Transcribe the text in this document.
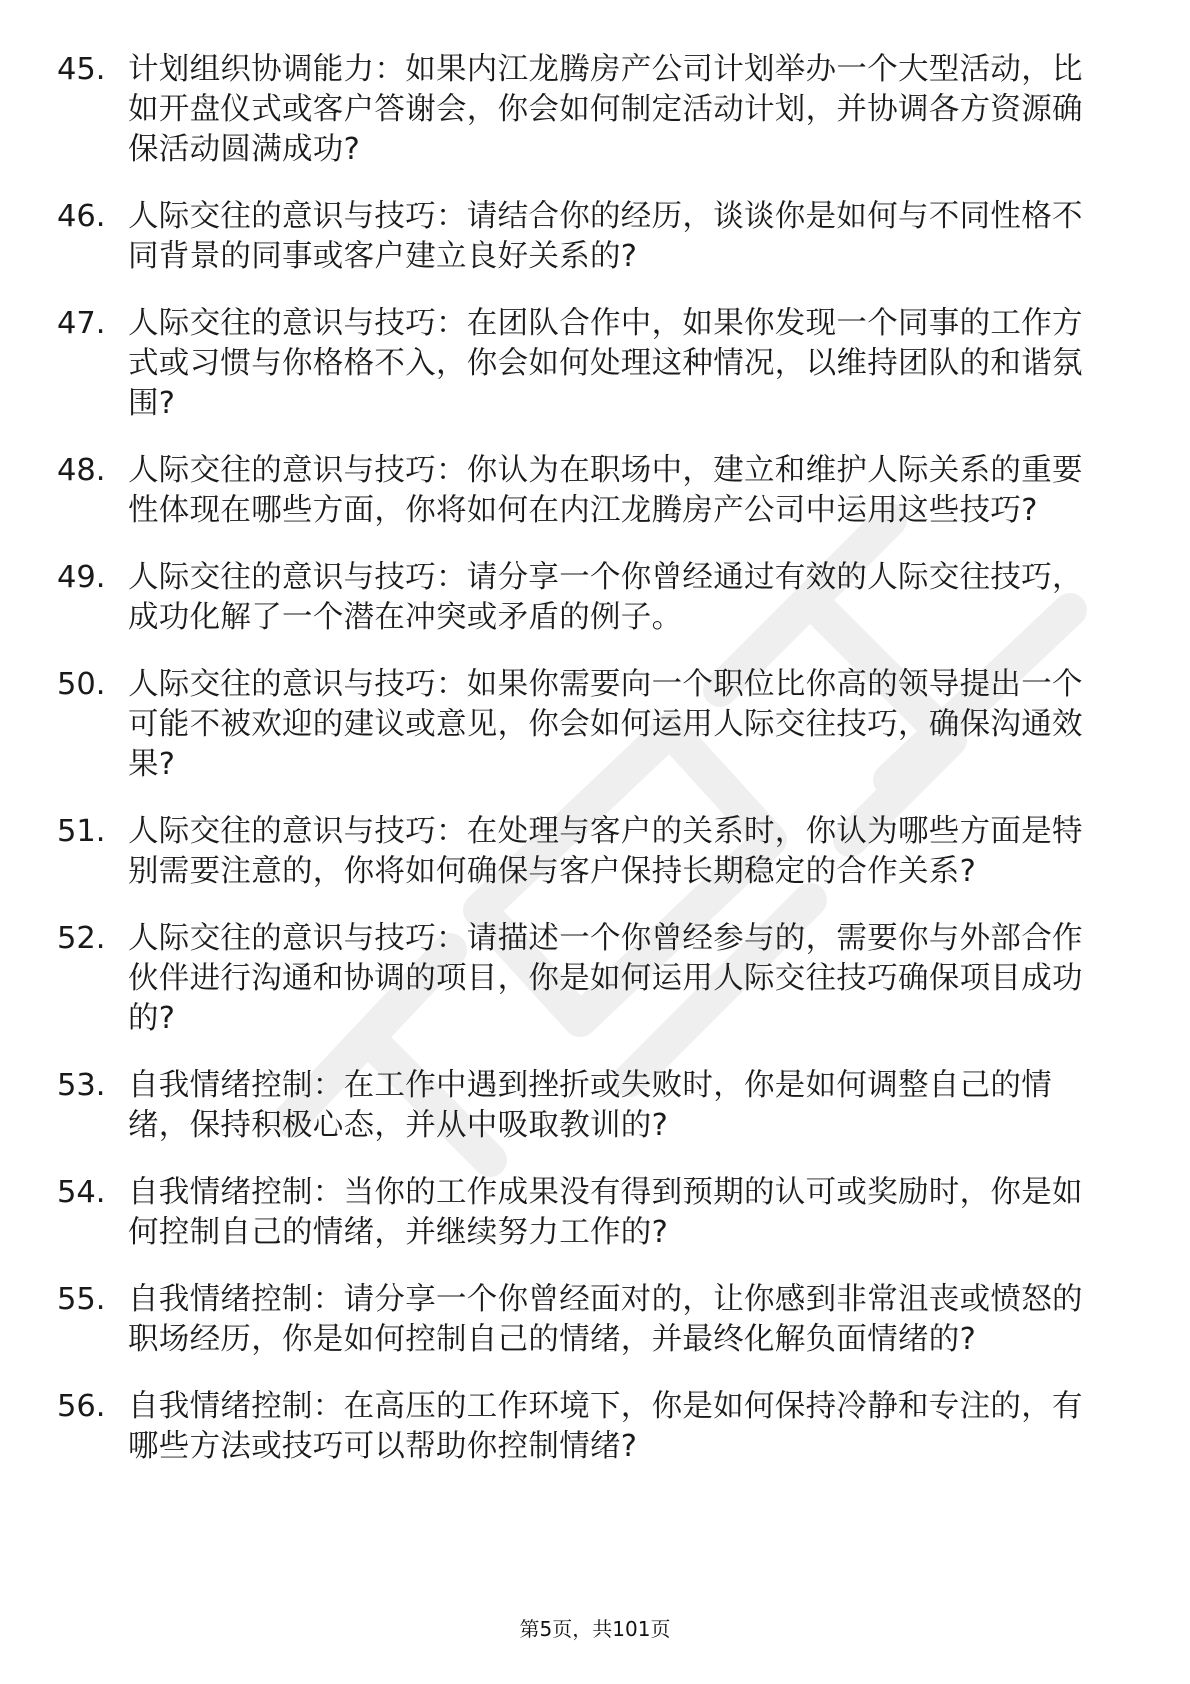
45. 计划组织协调能力：如果内江龙腾房产公司计划举办一个大型活动，比如开盘仪式或客户答谢会，你会如何制定活动计划，并协调各方资源确保活动圆满成功?
46. 人际交往的意识与技巧：请结合你的经历，谈谈你是如何与不同性格不同背景的同事或客户建立良好关系的?
47. 人际交往的意识与技巧：在团队合作中，如果你发现一个同事的工作方式或习惯与你格格不入，你会如何处理这种情况，以维持团队的和谐氛围?
48. 人际交往的意识与技巧：你认为在职场中，建立和维护人际关系的重要性体现在哪些方面，你将如何在内江龙腾房产公司中运用这些技巧?
49. 人际交往的意识与技巧：请分享一个你曾经通过有效的人际交往技巧，成功化解了一个潜在冲突或矛盾的例子。
50. 人际交往的意识与技巧：如果你需要向一个职位比你高的领导提出一个可能不被欢迎的建议或意见，你会如何运用人际交往技巧，确保沟通效果?
51. 人际交往的意识与技巧：在处理与客户的关系时，你认为哪些方面是特别需要注意的，你将如何确保与客户保持长期稳定的合作关系?
52. 人际交往的意识与技巧：请描述一个你曾经参与的，需要你与外部合作伙伴进行沟通和协调的项目，你是如何运用人际交往技巧确保项目成功的?
53. 自我情绪控制：在工作中遇到挫折或失败时，你是如何调整自己的情绪，保持积极心态，并从中吸取教训的?
54. 自我情绪控制：当你的工作成果没有得到预期的认可或奖励时，你是如何控制自己的情绪，并继续努力工作的?
55. 自我情绪控制：请分享一个你曾经面对的，让你感到非常沮丧或愤怒的职场经历，你是如何控制自己的情绪，并最终化解负面情绪的?
56. 自我情绪控制：在高压的工作环境下，你是如何保持冷静和专注的，有哪些方法或技巧可以帮助你控制情绪?
第5页，共101页
